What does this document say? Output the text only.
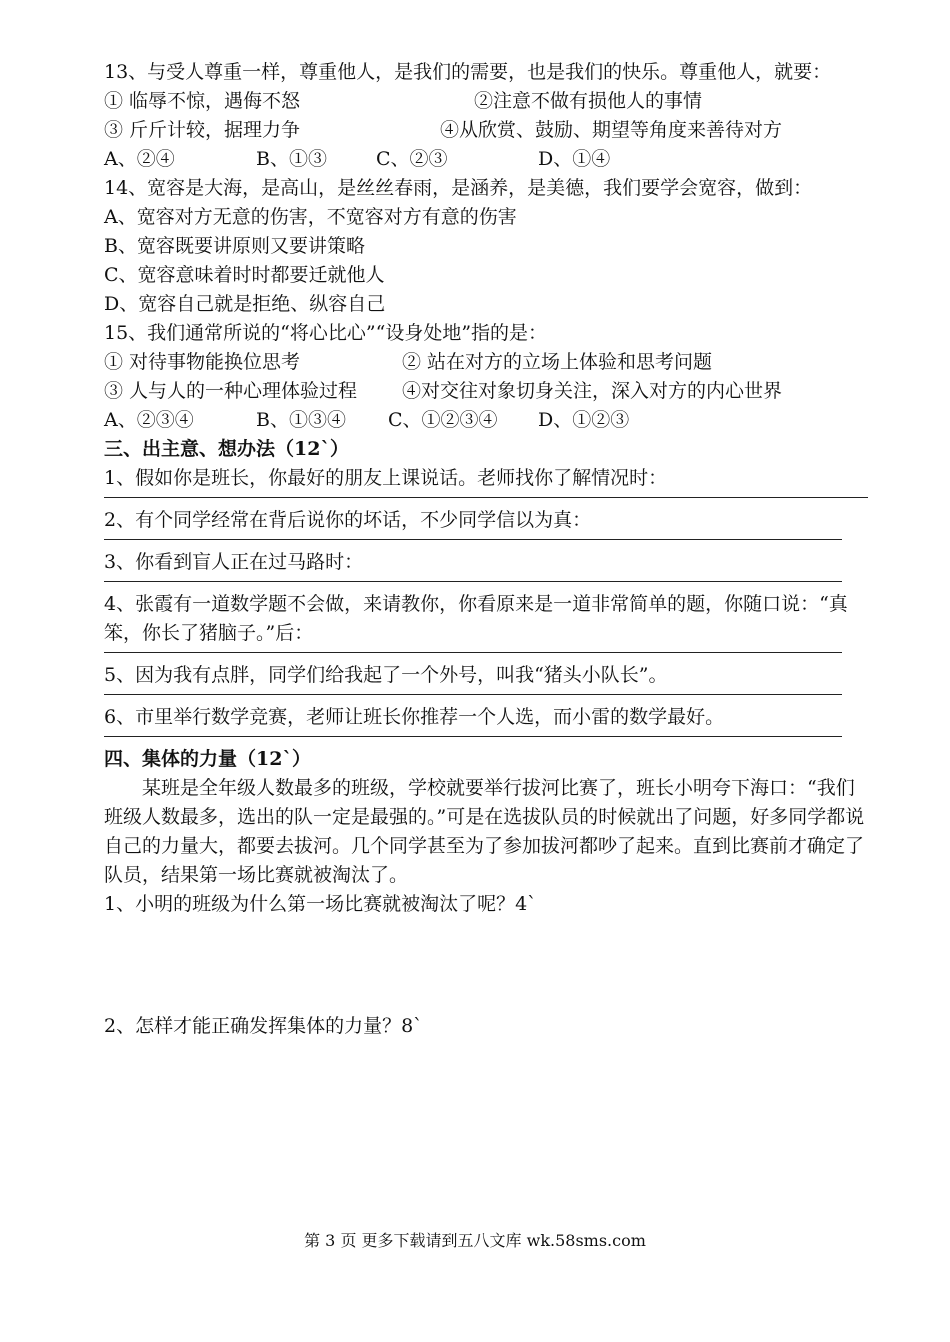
13、与受人尊重一样，尊重他人，是我们的需要，也是我们的快乐。尊重他人，就要：
① 临辱不惊，遇侮不怒	②注意不做有损他人的事情
③ 斤斤计较，据理力争	④从欣赏、鼓励、期望等角度来善待对方
A、②④	B、①③	C、②③	D、①④
14、宽容是大海，是高山，是丝丝春雨，是涵养，是美德，我们要学会宽容，做到：
A、宽容对方无意的伤害，不宽容对方有意的伤害
B、宽容既要讲原则又要讲策略
C、宽容意味着时时都要迁就他人
D、宽容自己就是拒绝、纵容自己
15、我们通常所说的“将心比心”“设身处地”指的是：
① 对待事物能换位思考	② 站在对方的立场上体验和思考问题
③ 人与人的一种心理体验过程	④对交往对象切身关注，深入对方的内心世界
A、②③④	B、①③④	C、①②③④	D、①②③
三、出主意、想办法（12`）
1、假如你是班长，你最好的朋友上课说话。老师找你了解情况时：
2、有个同学经常在背后说你的坏话，不少同学信以为真：
3、你看到盲人正在过马路时：
4、张霞有一道数学题不会做，来请教你，你看原来是一道非常简单的题，你随口说：“真笨，你长了猪脑子。”后：
5、因为我有点胖，同学们给我起了一个外号，叫我“猪头小队长”。
6、市里举行数学竞赛，老师让班长你推荐一个人选，而小雷的数学最好。
四、集体的力量（12`）
某班是全年级人数最多的班级，学校就要举行拔河比赛了，班长小明夸下海口：“我们班级人数最多，选出的队一定是最强的。”可是在选拔队员的时候就出了问题，好多同学都说自己的力量大，都要去拔河。几个同学甚至为了参加拔河都吵了起来。直到比赛前才确定了队员，结果第一场比赛就被淘汰了。
1、小明的班级为什么第一场比赛就被淘汰了呢？4`
2、怎样才能正确发挥集体的力量？8`
第 3 页 更多下载请到五八文库 wk.58sms.com
